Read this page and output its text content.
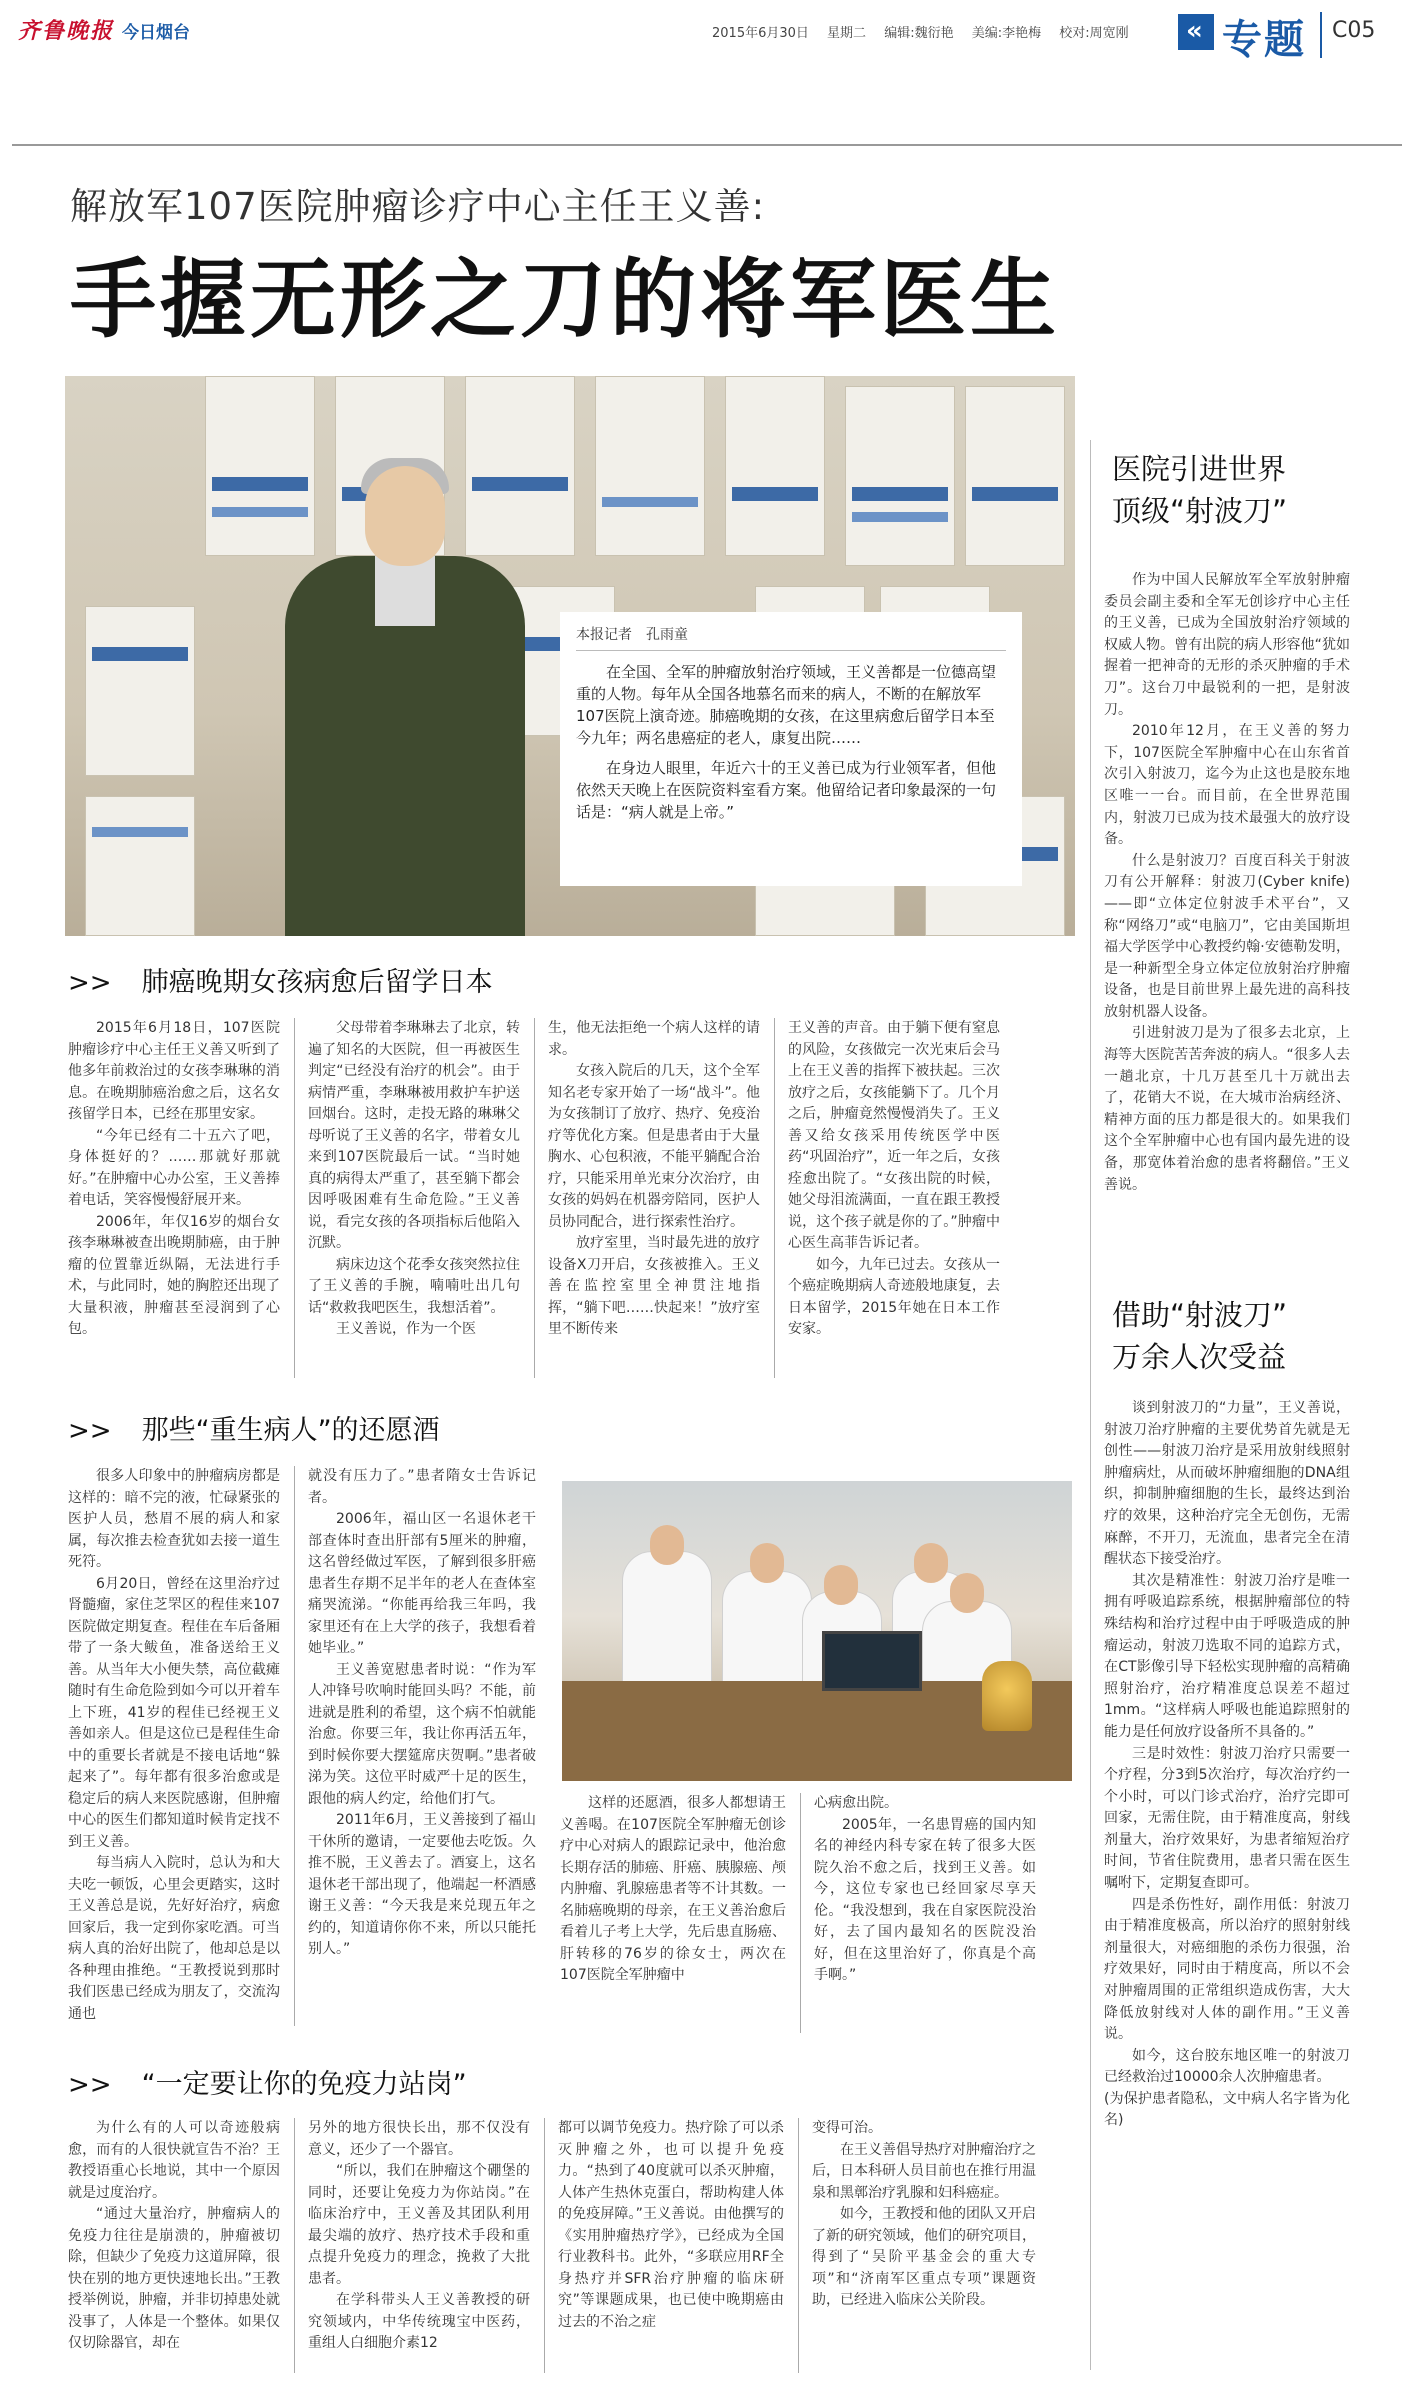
齐鲁晚报 今日烟台	2015年6月30日 星期二 编辑:魏衍艳 美编:李艳梅 校对:周宽刚
«	专题 C05
解放军107医院肿瘤诊疗中心主任王义善:
手握无形之刀的将军医生
本报记者　孔雨童

在全国、全军的肿瘤放射治疗领域，王义善都是一位德高望重的人物。每年从全国各地慕名而来的病人，不断的在解放军107医院上演奇迹。肺癌晚期的女孩，在这里病愈后留学日本至今九年；两名患癌症的老人，康复出院……

在身边人眼里，年近六十的王义善已成为行业领军者，但他依然天天晚上在医院资料室看方案。他留给记者印象最深的一句话是：“病人就是上帝。”

>> 肺癌晚期女孩病愈后留学日本

2015年6月18日，107医院肿瘤诊疗中心主任王义善又听到了他多年前救治过的女孩李琳琳的消息。在晚期肺癌治愈之后，这名女孩留学日本，已经在那里安家。

“今年已经有二十五六了吧，身体挺好的？……那就好那就好。”在肿瘤中心办公室，王义善捧着电话，笑容慢慢舒展开来。

2006年，年仅16岁的烟台女孩李琳琳被查出晚期肺癌，由于肿瘤的位置靠近纵隔，无法进行手术，与此同时，她的胸腔还出现了大量积液，肿瘤甚至浸润到了心包。

父母带着李琳琳去了北京，转遍了知名的大医院，但一再被医生判定“已经没有治疗的机会”。由于病情严重，李琳琳被用救护车护送回烟台。这时，走投无路的琳琳父母听说了王义善的名字，带着女儿来到107医院最后一试。“当时她真的病得太严重了，甚至躺下都会因呼吸困难有生命危险。”王义善说，看完女孩的各项指标后他陷入沉默。

病床边这个花季女孩突然拉住了王义善的手腕，喃喃吐出几句话“救救我吧医生，我想活着”。

王义善说，作为一个医

生，他无法拒绝一个病人这样的请求。

女孩入院后的几天，这个全军知名老专家开始了一场“战斗”。他为女孩制订了放疗、热疗、免疫治疗等优化方案。但是患者由于大量胸水、心包积液，不能平躺配合治疗，只能采用单光束分次治疗，由女孩的妈妈在机器旁陪同，医护人员协同配合，进行探索性治疗。

放疗室里，当时最先进的放疗设备X刀开启，女孩被推入。王义善在监控室里全神贯注地指挥，“躺下吧……快起来！”放疗室里不断传来

王义善的声音。由于躺下便有窒息的风险，女孩做完一次光束后会马上在王义善的指挥下被扶起。三次放疗之后，女孩能躺下了。几个月之后，肿瘤竟然慢慢消失了。王义善又给女孩采用传统医学中医药“巩固治疗”，近一年之后，女孩痊愈出院了。“女孩出院的时候，她父母泪流满面，一直在跟王教授说，这个孩子就是你的了。”肿瘤中心医生高菲告诉记者。

如今，九年已过去。女孩从一个癌症晚期病人奇迹般地康复，去日本留学，2015年她在日本工作安家。

>> 那些“重生病人”的还愿酒

很多人印象中的肿瘤病房都是这样的：暗不完的液，忙碌紧张的医护人员，愁眉不展的病人和家属，每次推去检查犹如去接一道生死符。

6月20日，曾经在这里治疗过肾髓瘤，家住芝罘区的程佳来107医院做定期复查。程佳在车后备厢带了一条大鲅鱼，准备送给王义善。从当年大小便失禁，高位截瘫随时有生命危险到如今可以开着车上下班，41岁的程佳已经视王义善如亲人。但是这位已是程佳生命中的重要长者就是不接电话地“躲起来了”。每年都有很多治愈或是稳定后的病人来医院感谢，但肿瘤中心的医生们都知道时候肯定找不到王义善。

每当病人入院时，总认为和大夫吃一顿饭，心里会更踏实，这时王义善总是说，先好好治疗，病愈回家后，我一定到你家吃酒。可当病人真的治好出院了，他却总是以各种理由推绝。“王教授说到那时我们医患已经成为朋友了，交流沟通也

就没有压力了。”患者隋女士告诉记者。

2006年，福山区一名退休老干部查体时查出肝部有5厘米的肿瘤，这名曾经做过军医，了解到很多肝癌患者生存期不足半年的老人在查体室痛哭流涕。“你能再给我三年吗，我家里还有在上大学的孩子，我想看着她毕业。”

王义善宽慰患者时说：“作为军人冲锋号吹响时能回头吗？不能，前进就是胜利的希望，这个病不怕就能治愈。你要三年，我让你再活五年，到时候你要大摆筵席庆贺啊。”患者破涕为笑。这位平时威严十足的医生，跟他的病人约定，给他们打气。

2011年6月，王义善接到了福山干休所的邀请，一定要他去吃饭。久推不脱，王义善去了。酒宴上，这名退休老干部出现了，他端起一杯酒感谢王义善：“今天我是来兑现五年之约的，知道请你你不来，所以只能托别人。”

这样的还愿酒，很多人都想请王义善喝。在107医院全军肿瘤无创诊疗中心对病人的跟踪记录中，他治愈长期存活的肺癌、肝癌、胰腺癌、颅内肿瘤、乳腺癌患者等不计其数。一名肺癌晚期的母亲，在王义善治愈后看着儿子考上大学，先后患直肠癌、肝转移的76岁的徐女士，两次在107医院全军肿瘤中

心病愈出院。

2005年，一名患胃癌的国内知名的神经内科专家在转了很多大医院久治不愈之后，找到王义善。如今，这位专家也已经回家尽享天伦。“我没想到，我在自家医院没治好，去了国内最知名的医院没治好，但在这里治好了，你真是个高手啊。”

>> “一定要让你的免疫力站岗”

为什么有的人可以奇迹般病愈，而有的人很快就宣告不治？王教授语重心长地说，其中一个原因就是过度治疗。

“通过大量治疗，肿瘤病人的免疫力往往是崩溃的，肿瘤被切除，但缺少了免疫力这道屏障，很快在别的地方更快速地长出。”王教授举例说，肿瘤，并非切掉患处就没事了，人体是一个整体。如果仅仅切除器官，却在

另外的地方很快长出，那不仅没有意义，还少了一个器官。

“所以，我们在肿瘤这个硼堡的同时，还要让免疫力为你站岗。”在临床治疗中，王义善及其团队利用最尖端的放疗、热疗技术手段和重点提升免疫力的理念，挽救了大批患者。

在学科带头人王义善教授的研究领域内，中华传统瑰宝中医药，重组人白细胞介素12

都可以调节免疫力。热疗除了可以杀灭肿瘤之外，也可以提升免疫力。“热到了40度就可以杀灭肿瘤，人体产生热休克蛋白，帮助构建人体的免疫屏障。”王义善说。由他撰写的《实用肿瘤热疗学》，已经成为全国行业教科书。此外，“多联应用RF全身热疗并SFR治疗肿瘤的临床研究”等课题成果，也已使中晚期癌由过去的不治之症

变得可治。

在王义善倡导热疗对肿瘤治疗之后，日本科研人员目前也在推行用温泉和黑鄣治疗乳腺和妇科癌症。

如今，王教授和他的团队又开启了新的研究领域，他们的研究项目，得到了“吴阶平基金会的重大专项”和“济南军区重点专项”课题资助，已经进入临床公关阶段。

医院引进世界
顶级“射波刀”

作为中国人民解放军全军放射肿瘤委员会副主委和全军无创诊疗中心主任的王义善，已成为全国放射治疗领域的权威人物。曾有出院的病人形容他“犹如握着一把神奇的无形的杀灭肿瘤的手术刀”。这台刀中最锐利的一把，是射波刀。

2010年12月，在王义善的努力下，107医院全军肿瘤中心在山东省首次引入射波刀，迄今为止这也是胶东地区唯一一台。而目前，在全世界范围内，射波刀已成为技术最强大的放疗设备。

什么是射波刀？百度百科关于射波刀有公开解释：射波刀(Cyber knife)——即“立体定位射波手术平台”，又称“网络刀”或“电脑刀”，它由美国斯坦福大学医学中心教授约翰·安德勒发明，是一种新型全身立体定位放射治疗肿瘤设备，也是目前世界上最先进的高科技放射机器人设备。

引进射波刀是为了很多去北京，上海等大医院苦苦奔波的病人。“很多人去一趟北京，十几万甚至几十万就出去了，花销大不说，在大城市治病经济、精神方面的压力都是很大的。如果我们这个全军肿瘤中心也有国内最先进的设备，那宽体着治愈的患者将翻倍。”王义善说。

借助“射波刀”
万余人次受益

谈到射波刀的“力量”，王义善说，射波刀治疗肿瘤的主要优势首先就是无创性——射波刀治疗是采用放射线照射肿瘤病灶，从而破坏肿瘤细胞的DNA组织，抑制肿瘤细胞的生长，最终达到治疗的效果，这种治疗完全无创伤，无需麻醉，不开刀，无流血，患者完全在清醒状态下接受治疗。

其次是精准性：射波刀治疗是唯一拥有呼吸追踪系统，根据肿瘤部位的特殊结构和治疗过程中由于呼吸造成的肿瘤运动，射波刀选取不同的追踪方式，在CT影像引导下轻松实现肿瘤的高精确照射治疗，治疗精准度总误差不超过1mm。“这样病人呼吸也能追踪照射的能力是任何放疗设备所不具备的。”

三是时效性：射波刀治疗只需要一个疗程，分3到5次治疗，每次治疗约一个小时，可以门诊式治疗，治疗完即可回家，无需住院，由于精准度高，射线剂量大，治疗效果好，为患者缩短治疗时间，节省住院费用，患者只需在医生嘱咐下，定期复查即可。

四是杀伤性好，副作用低：射波刀由于精准度极高，所以治疗的照射射线剂量很大，对癌细胞的杀伤力很强，治疗效果好，同时由于精度高，所以不会对肿瘤周围的正常组织造成伤害，大大降低放射线对人体的副作用。”王义善说。

如今，这台胶东地区唯一的射波刀已经救治过10000余人次肿瘤患者。

(为保护患者隐私，文中病人名字皆为化名)
